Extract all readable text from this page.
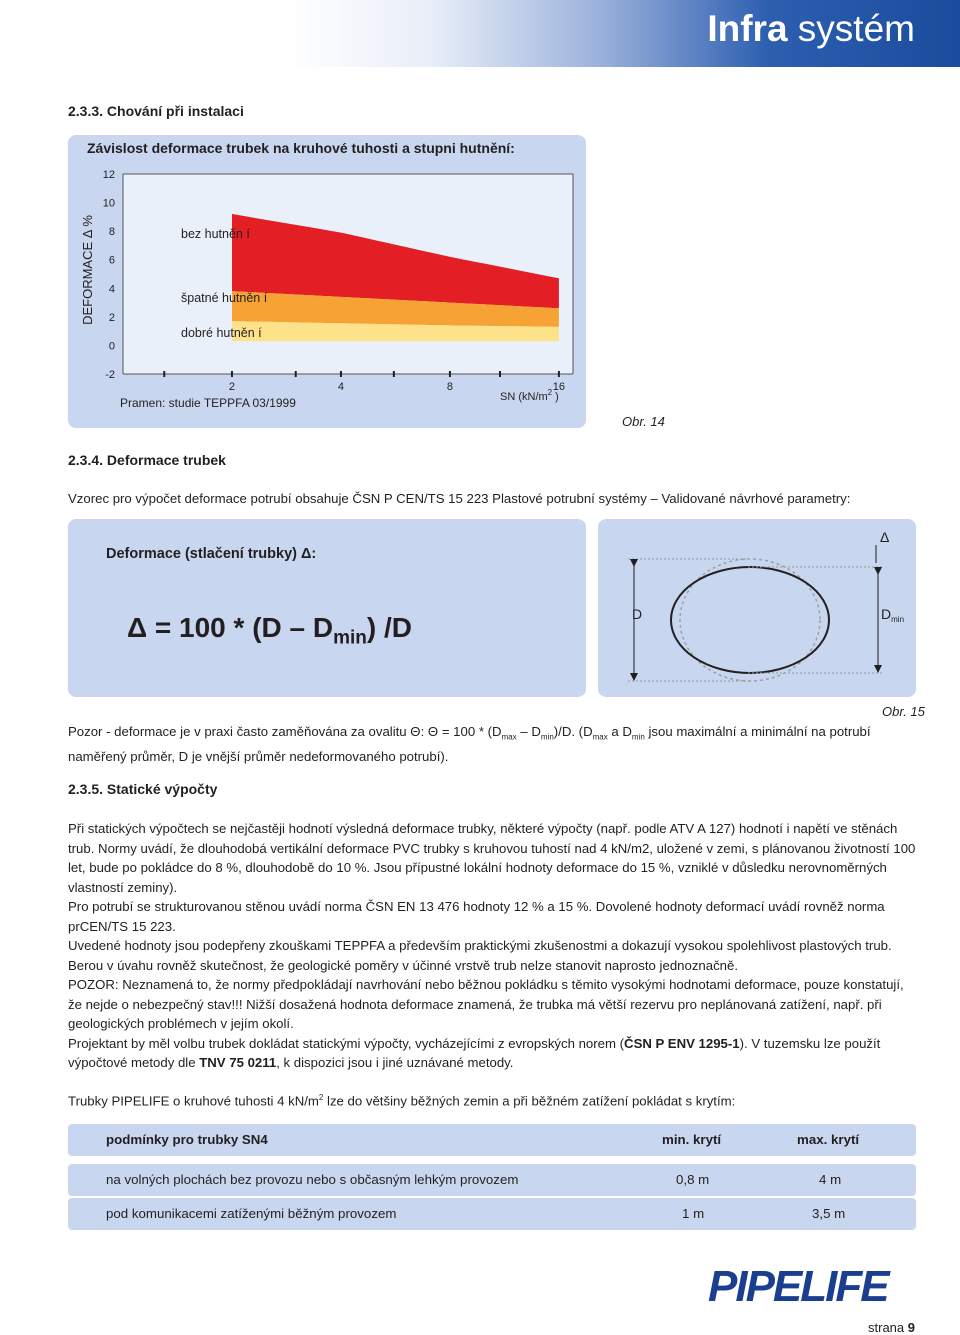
Infra systém
2.3.3. Chování při instalaci
Závislost deformace trubek na kruhové tuhosti a stupni hutnění:
12
10
8
6
4
2
0
-2
2	4	8	16
DEFORMACE Δ %	bez hutněn í
špatné hutněn í
dobré hutněn í
SN ($kN/m^2$ )
Pramen: studie TEPPFA 03/1999
Obr. 14
2.3.4. Deformace trubek
Vzorec pro výpočet deformace potrubí obsahuje ČSN P CEN/TS 15 223 Plastové potrubní systémy – Validované návrhové parametry:
Deformace (stlačení trubky) Δ:
$\Delta = 100 * (D - D_{min})$ /D
Δ
D	$D_{min}$
Obr. 15
Pozor - deformace je v praxi často zaměňována za ovalitu Θ: $\Theta = 100 * (D_{max} - D_{min})/D$. ($D_{max}$ a $D_{min}$ jsou maximální a minimální na potrubí naměřený průměr, D je vnější průměr nedeformovaného potrubí).
2.3.5. Statické výpočty
Při statických výpočtech se nejčastěji hodnotí výsledná deformace trubky, některé výpočty (např. podle ATV A 127) hodnotí i napětí ve stěnách trub. Normy uvádí, že dlouhodobá vertikální deformace PVC trubky s kruhovou tuhostí nad 4 kN/m2, uložené v zemi, s plánovanou životností 100 let, bude po pokládce do 8 %, dlouhodobě do 10 %. Jsou přípustné lokální hodnoty deformace do 15 %, vzniklé v důsledku nerovnoměrných vlastností zeminy).
Pro potrubí se strukturovanou stěnou uvádí norma ČSN EN 13 476 hodnoty 12 % a 15 %. Dovolené hodnoty deformací uvádí rovněž norma prCEN/TS 15 223.
Uvedené hodnoty jsou podepřeny zkouškami TEPPFA a především praktickými zkušenostmi a dokazují vysokou spolehlivost plastových trub. Berou v úvahu rovněž skutečnost, že geologické poměry v účinné vrstvě trub nelze stanovit naprosto jednoznačně.
POZOR: Neznamená to, že normy předpokládají navrhování nebo běžnou pokládku s těmito vysokými hodnotami deformace, pouze konstatují, že nejde o nebezpečný stav!!! Nižší dosažená hodnota deformace znamená, že trubka má větší rezervu pro neplánovaná zatížení, např. při geologických problémech v jejím okolí.
Projektant by měl volbu trubek dokládat statickými výpočty, vycházejícími z evropských norem (ČSN P ENV 1295-1). V tuzemsku lze použít výpočtové metody dle TNV 75 0211, k dispozici jsou i jiné uznávané metody.
Trubky PIPELIFE o kruhové tuhosti 4 $kN/m^2$ lze do většiny běžných zemin a při běžném zatížení pokládat s krytím:
podmínky pro trubky SN4	min. krytí	max. krytí
na volných plochách bez provozu nebo s občasným lehkým provozem	0,8 m	4 m
pod komunikacemi zatíženými běžným provozem	1 m	3,5 m
PIPELIFE
strana 9
